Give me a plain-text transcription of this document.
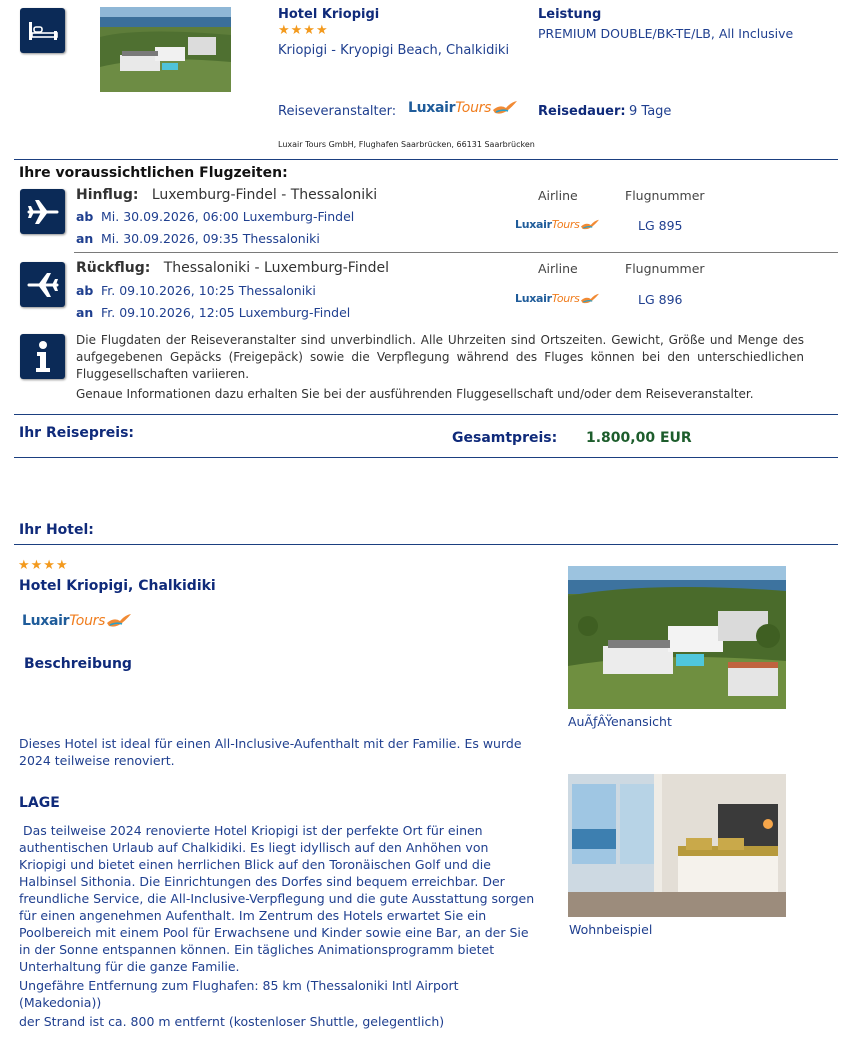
Hotel Kriopigi
★★★★
Kriopigi - Kryopigi Beach, Chalkidiki
Leistung
PREMIUM DOUBLE/BK-TE/LB, All Inclusive
Reiseveranstalter: Luxair Tours	Reisedauer: 9 Tage
Luxair Tours GmbH, Flughafen Saarbrücken, 66131 Saarbrücken
Ihre voraussichtlichen Flugzeiten:
Hinflug: Luxemburg-Findel - Thessaloniki
ab Mi. 30.09.2026, 06:00 Luxemburg-Findel
an Mi. 30.09.2026, 09:35 Thessaloniki
Airline	Flugnummer
Luxair Tours	LG 895
Rückflug: Thessaloniki - Luxemburg-Findel
ab Fr. 09.10.2026, 10:25 Thessaloniki
an Fr. 09.10.2026, 12:05 Luxemburg-Findel
Airline	Flugnummer
Luxair Tours	LG 896
Die Flugdaten der Reiseveranstalter sind unverbindlich. Alle Uhrzeiten sind Ortszeiten. Gewicht, Größe und Menge des aufgegebenen Gepäcks (Freigepäck) sowie die Verpflegung während des Fluges können bei den unterschiedlichen Fluggesellschaften variieren.
Genaue Informationen dazu erhalten Sie bei der ausführenden Fluggesellschaft und/oder dem Reiseveranstalter.
Ihr Reisepreis:	Gesamtpreis: 1.800,00 EUR
Ihr Hotel:
★★★★
Hotel Kriopigi, Chalkidiki
Luxair Tours
Beschreibung
Dieses Hotel ist ideal für einen All-Inclusive-Aufenthalt mit der Familie. Es wurde 2024 teilweise renoviert.
LAGE
Das teilweise 2024 renovierte Hotel Kriopigi ist der perfekte Ort für einen authentischen Urlaub auf Chalkidiki. Es liegt idyllisch auf den Anhöhen von Kriopigi und bietet einen herrlichen Blick auf den Toronäischen Golf und die Halbinsel Sithonia. Die Einrichtungen des Dorfes sind bequem erreichbar. Der freundliche Service, die All-Inclusive-Verpflegung und die gute Ausstattung sorgen für einen angenehmen Aufenthalt. Im Zentrum des Hotels erwartet Sie ein Poolbereich mit einem Pool für Erwachsene und Kinder sowie eine Bar, an der Sie in der Sonne entspannen können. Ein tägliches Animationsprogramm bietet Unterhaltung für die ganze Familie.
Ungefähre Entfernung zum Flughafen: 85 km (Thessaloniki Intl Airport (Makedonia))
der Strand ist ca. 800 m entfernt (kostenloser Shuttle, gelegentlich)
AuÃƒÂŸenansicht
Wohnbeispiel
